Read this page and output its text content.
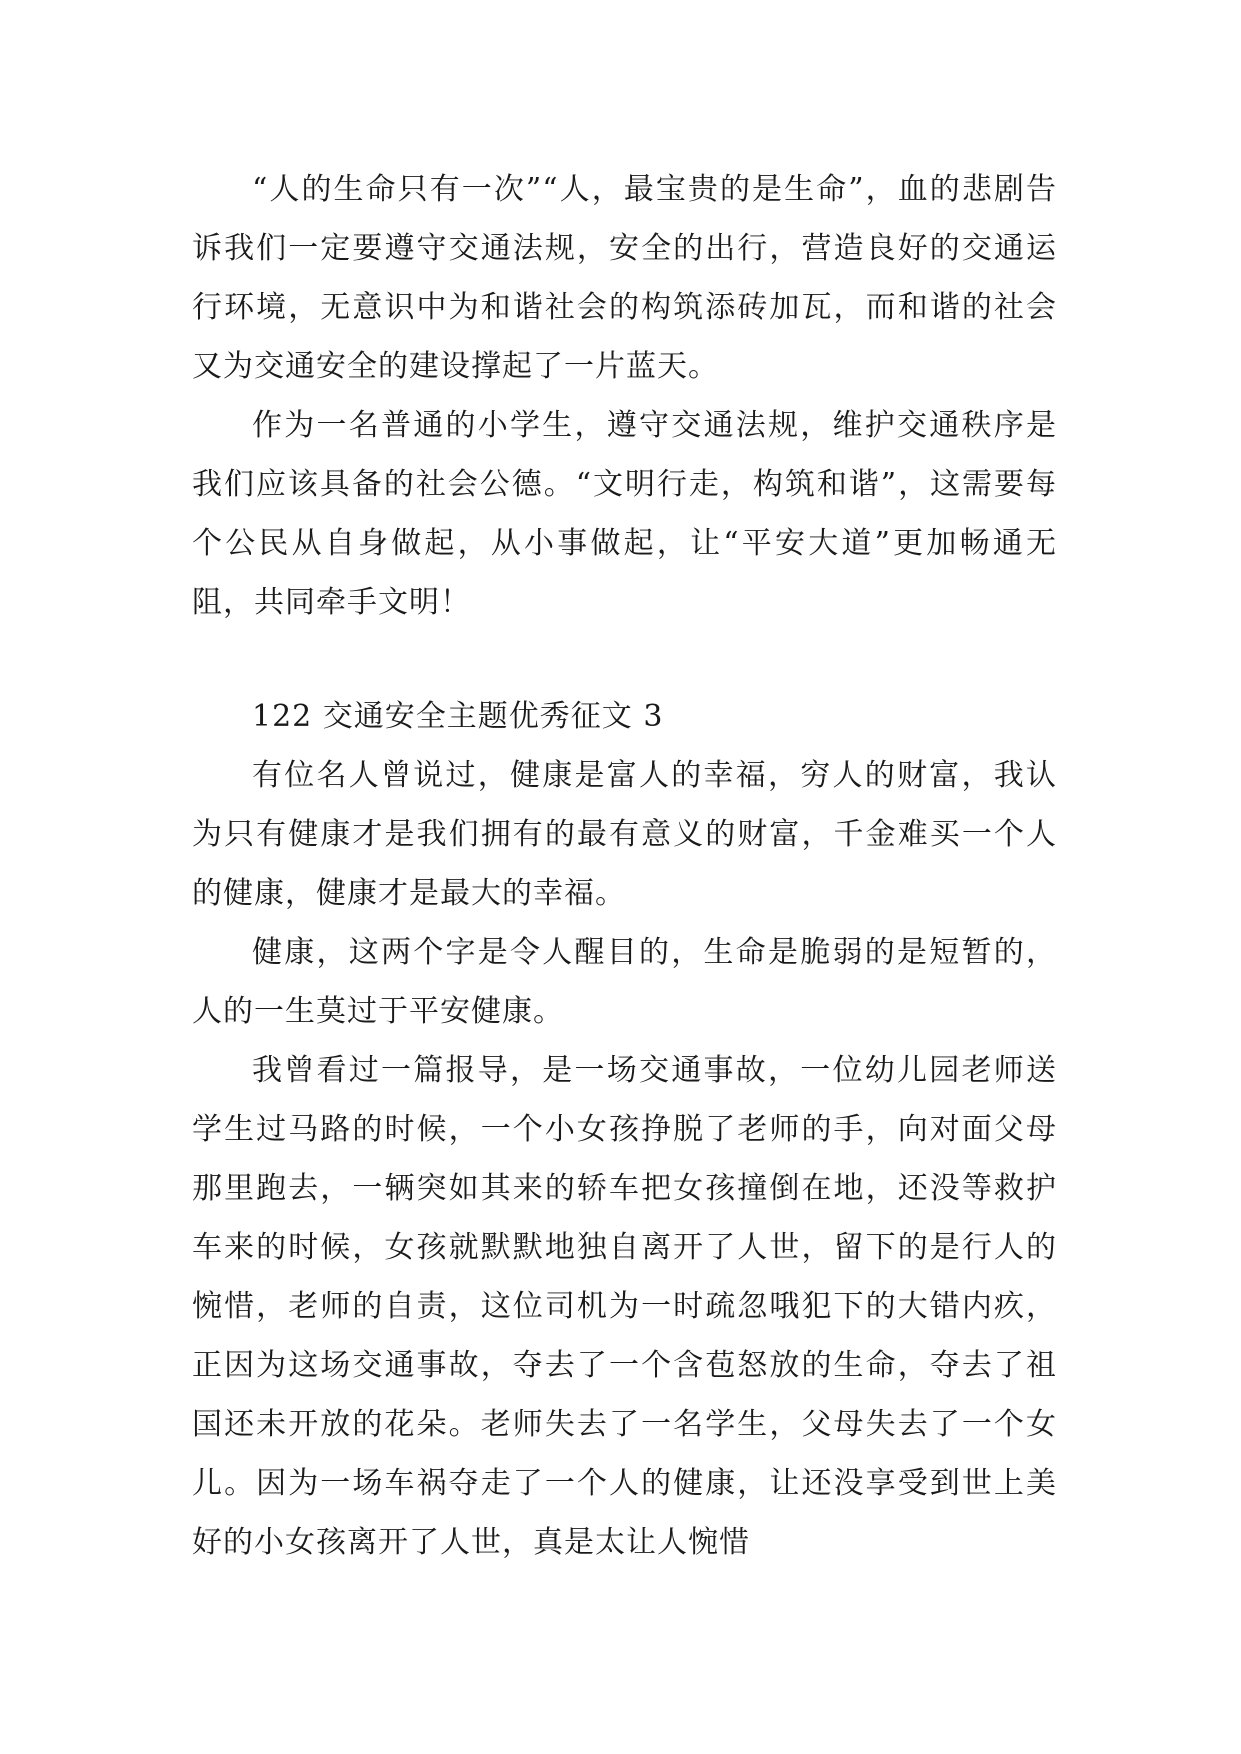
“人的生命只有一次”“人，最宝贵的是生命”，血的悲剧告诉我们一定要遵守交通法规，安全的出行，营造良好的交通运行环境，无意识中为和谐社会的构筑添砖加瓦，而和谐的社会又为交通安全的建设撑起了一片蓝天。

作为一名普通的小学生，遵守交通法规，维护交通秩序是我们应该具备的社会公德。“文明行走，构筑和谐”，这需要每个公民从自身做起，从小事做起，让“平安大道”更加畅通无阻，共同牵手文明！

122 交通安全主题优秀征文 3

有位名人曾说过，健康是富人的幸福，穷人的财富，我认为只有健康才是我们拥有的最有意义的财富，千金难买一个人的健康，健康才是最大的幸福。

健康，这两个字是令人醒目的，生命是脆弱的是短暂的，人的一生莫过于平安健康。

我曾看过一篇报导，是一场交通事故，一位幼儿园老师送学生过马路的时候，一个小女孩挣脱了老师的手，向对面父母那里跑去，一辆突如其来的轿车把女孩撞倒在地，还没等救护车来的时候，女孩就默默地独自离开了人世，留下的是行人的惋惜，老师的自责，这位司机为一时疏忽哦犯下的大错内疚，正因为这场交通事故，夺去了一个含苞怒放的生命，夺去了祖国还未开放的花朵。老师失去了一名学生，父母失去了一个女儿。因为一场车祸夺走了一个人的健康，让还没享受到世上美好的小女孩离开了人世，真是太让人惋惜
